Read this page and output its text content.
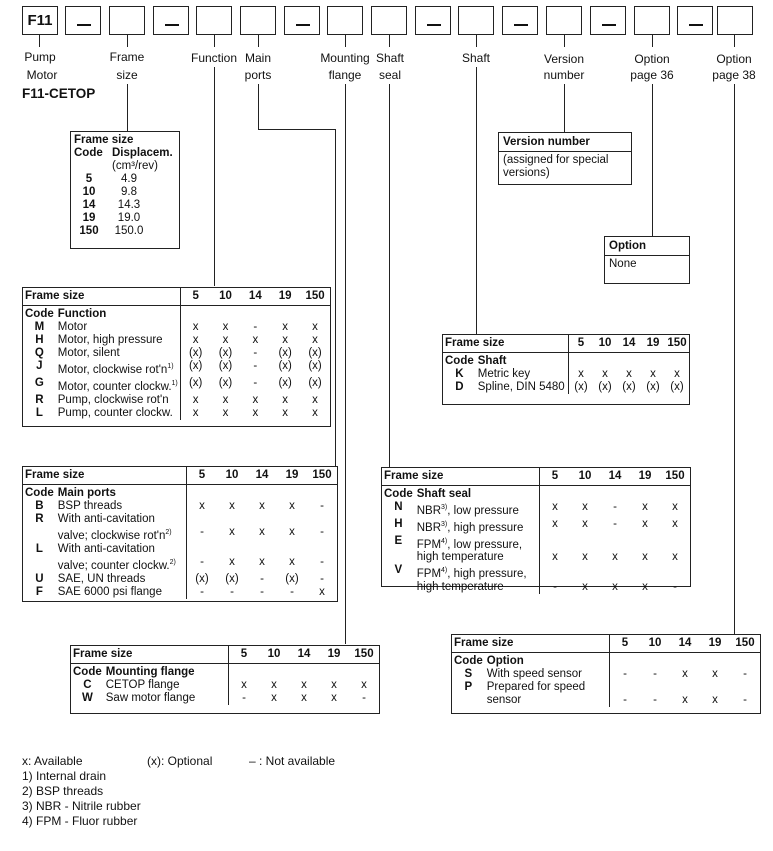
F11
Pump
Motor
Frame
size
Function Main
ports
Mounting
flange
Shaft
seal
Shaft	Version
number
Option
page 36
Option
page 38
F11-CETOP
Frame size
Code Displacem.
(cm³/rev)
5	4.9
10	9.8
14	14.3
19	19.0
150	150.0
Version number
(assigned for special
versions)
Option
None
Frame size		5	10	14	19	150
Code	Function					
M	Motor	x	x	-	x	x
H	Motor, high pressure	x	x	x	x	x
Q	Motor, silent	(x)	(x)	-	(x)	(x)
J	Motor, clockwise $rot'n^{1)}$	(x)	(x)	-	(x)	(x)
G	Motor, counter clockw.$^{1)}$	(x)	(x)	-	(x)	(x)
R	Pump, clockwise rot'n	x	x	x	x	x
L	Pump, counter clockw.	x	x	x	x	x
Frame size		5	10	14	19	150
Code	Main ports					
B	BSP threads	x	x	x	x	-
R	With anti-cavitation					
	valve; clockwise $rot'n^{2)}$	-	x	x	x	-
L	With anti-cavitation					
	valve; counter clockw.$^{2)}$	-	x	x	x	-
U	SAE, UN threads	(x)	(x)	-	(x)	-
F	SAE 6000 psi flange	-	-	-	-	x
Frame size		5	10	14	19	150
Code	Mounting flange					
C	CETOP flange	x	x	x	x	x
W	Saw motor flange	-	x	x	x	-
Frame size		5	10	14	19	150
Code	Shaft					
K	Metric key	x	x	x	x	x
D	Spline, DIN 5480	(x)	(x)	(x)	(x)	(x)
Frame size		5	10	14	19	150
Code	Shaft seal					
N	NBR$^{3)}$, low pressure	x	x	-	x	x
H	NBR$^{3)}$, high pressure	x	x	-	x	x
E	FPM$^{4)}$, low pressure,					
	high temperature	x	x	x	x	x
V	FPM$^{4)}$, high pressure,					
	high temperature	-	x	x	x	-
Frame size		5	10	14	19	150
Code	Option					
S	With speed sensor	-	-	x	x	-
P	Prepared for speed					
	sensor	-	-	x	x	-
x: Available	(x): Optional	– : Not available
1) Internal drain
2) BSP threads
3) NBR - Nitrile rubber
4) FPM - Fluor rubber
